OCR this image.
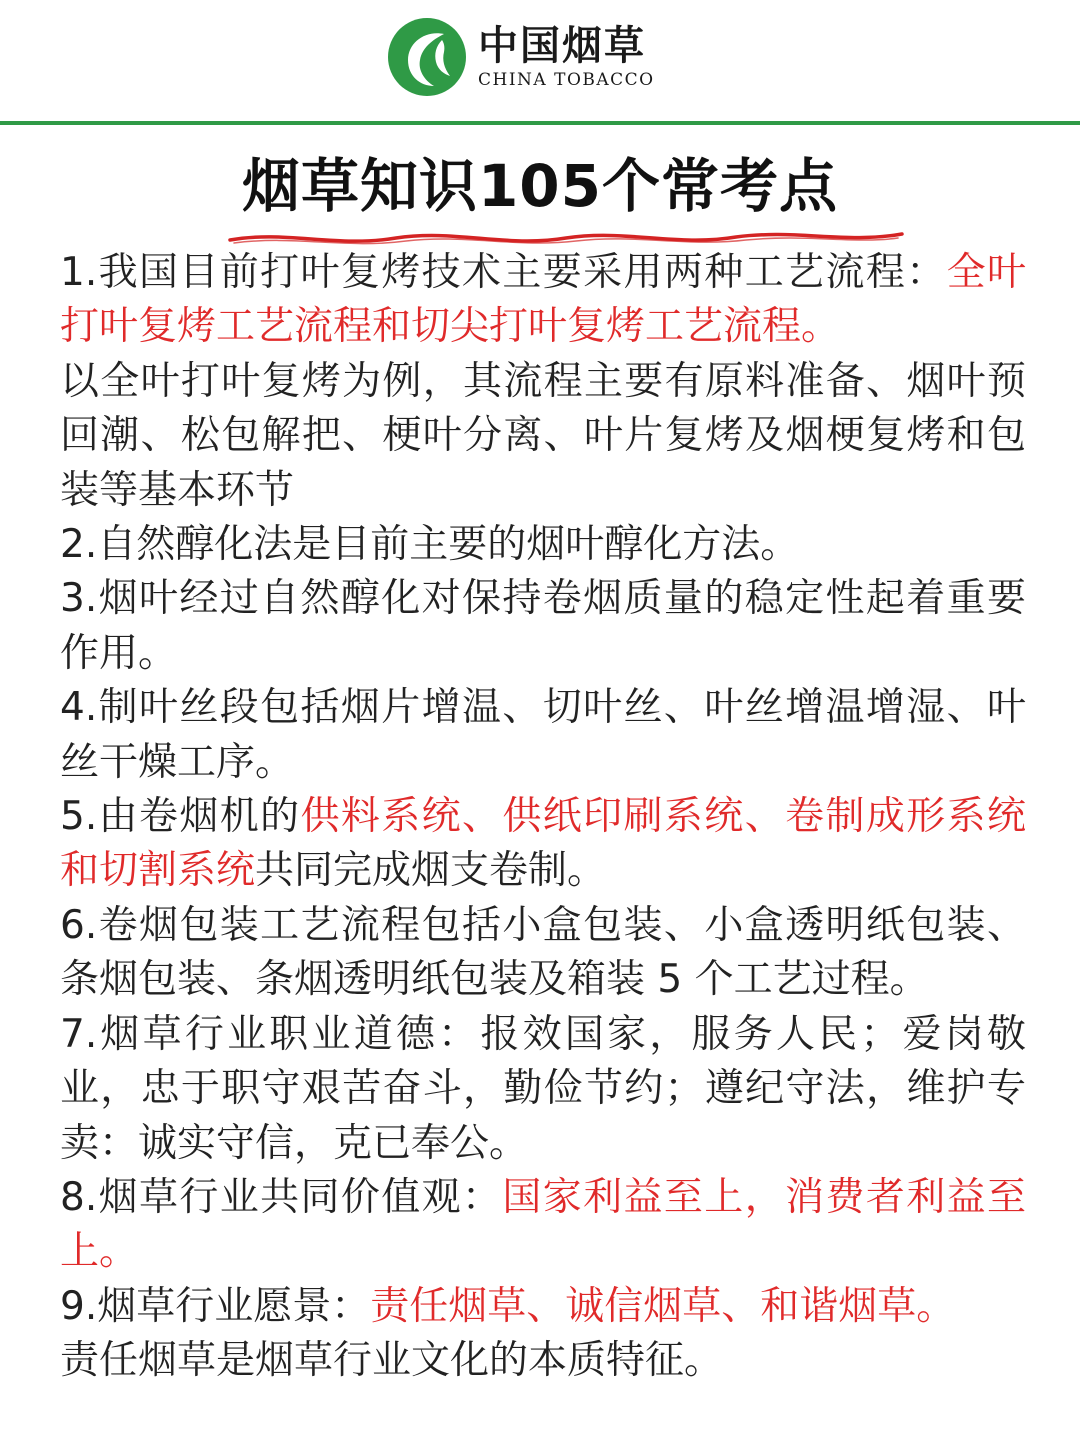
中国烟草
CHINA TOBACCO
烟草知识105个常考点

1.我国目前打叶复烤技术主要采用两种工艺流程：全叶打叶复烤工艺流程和切尖打叶复烤工艺流程。

以全叶打叶复烤为例，其流程主要有原料准备、烟叶预回潮、松包解把、梗叶分离、叶片复烤及烟梗复烤和包装等基本环节

2.自然醇化法是目前主要的烟叶醇化方法。

3.烟叶经过自然醇化对保持卷烟质量的稳定性起着重要作用。

4.制叶丝段包括烟片增温、切叶丝、叶丝增温增湿、叶丝干燥工序。

5.由卷烟机的供料系统、供纸印刷系统、卷制成形系统和切割系统共同完成烟支卷制。

6.卷烟包装工艺流程包括小盒包装、小盒透明纸包装、条烟包装、条烟透明纸包装及箱装 5 个工艺过程。

7.烟草行业职业道德：报效国家，服务人民；爱岗敬业，忠于职守艰苦奋斗，勤俭节约；遵纪守法，维护专卖：诚实守信，克已奉公。

8.烟草行业共同价值观：国家利益至上，消费者利益至上。

9.烟草行业愿景：责任烟草、诚信烟草、和谐烟草。

责任烟草是烟草行业文化的本质特征。
